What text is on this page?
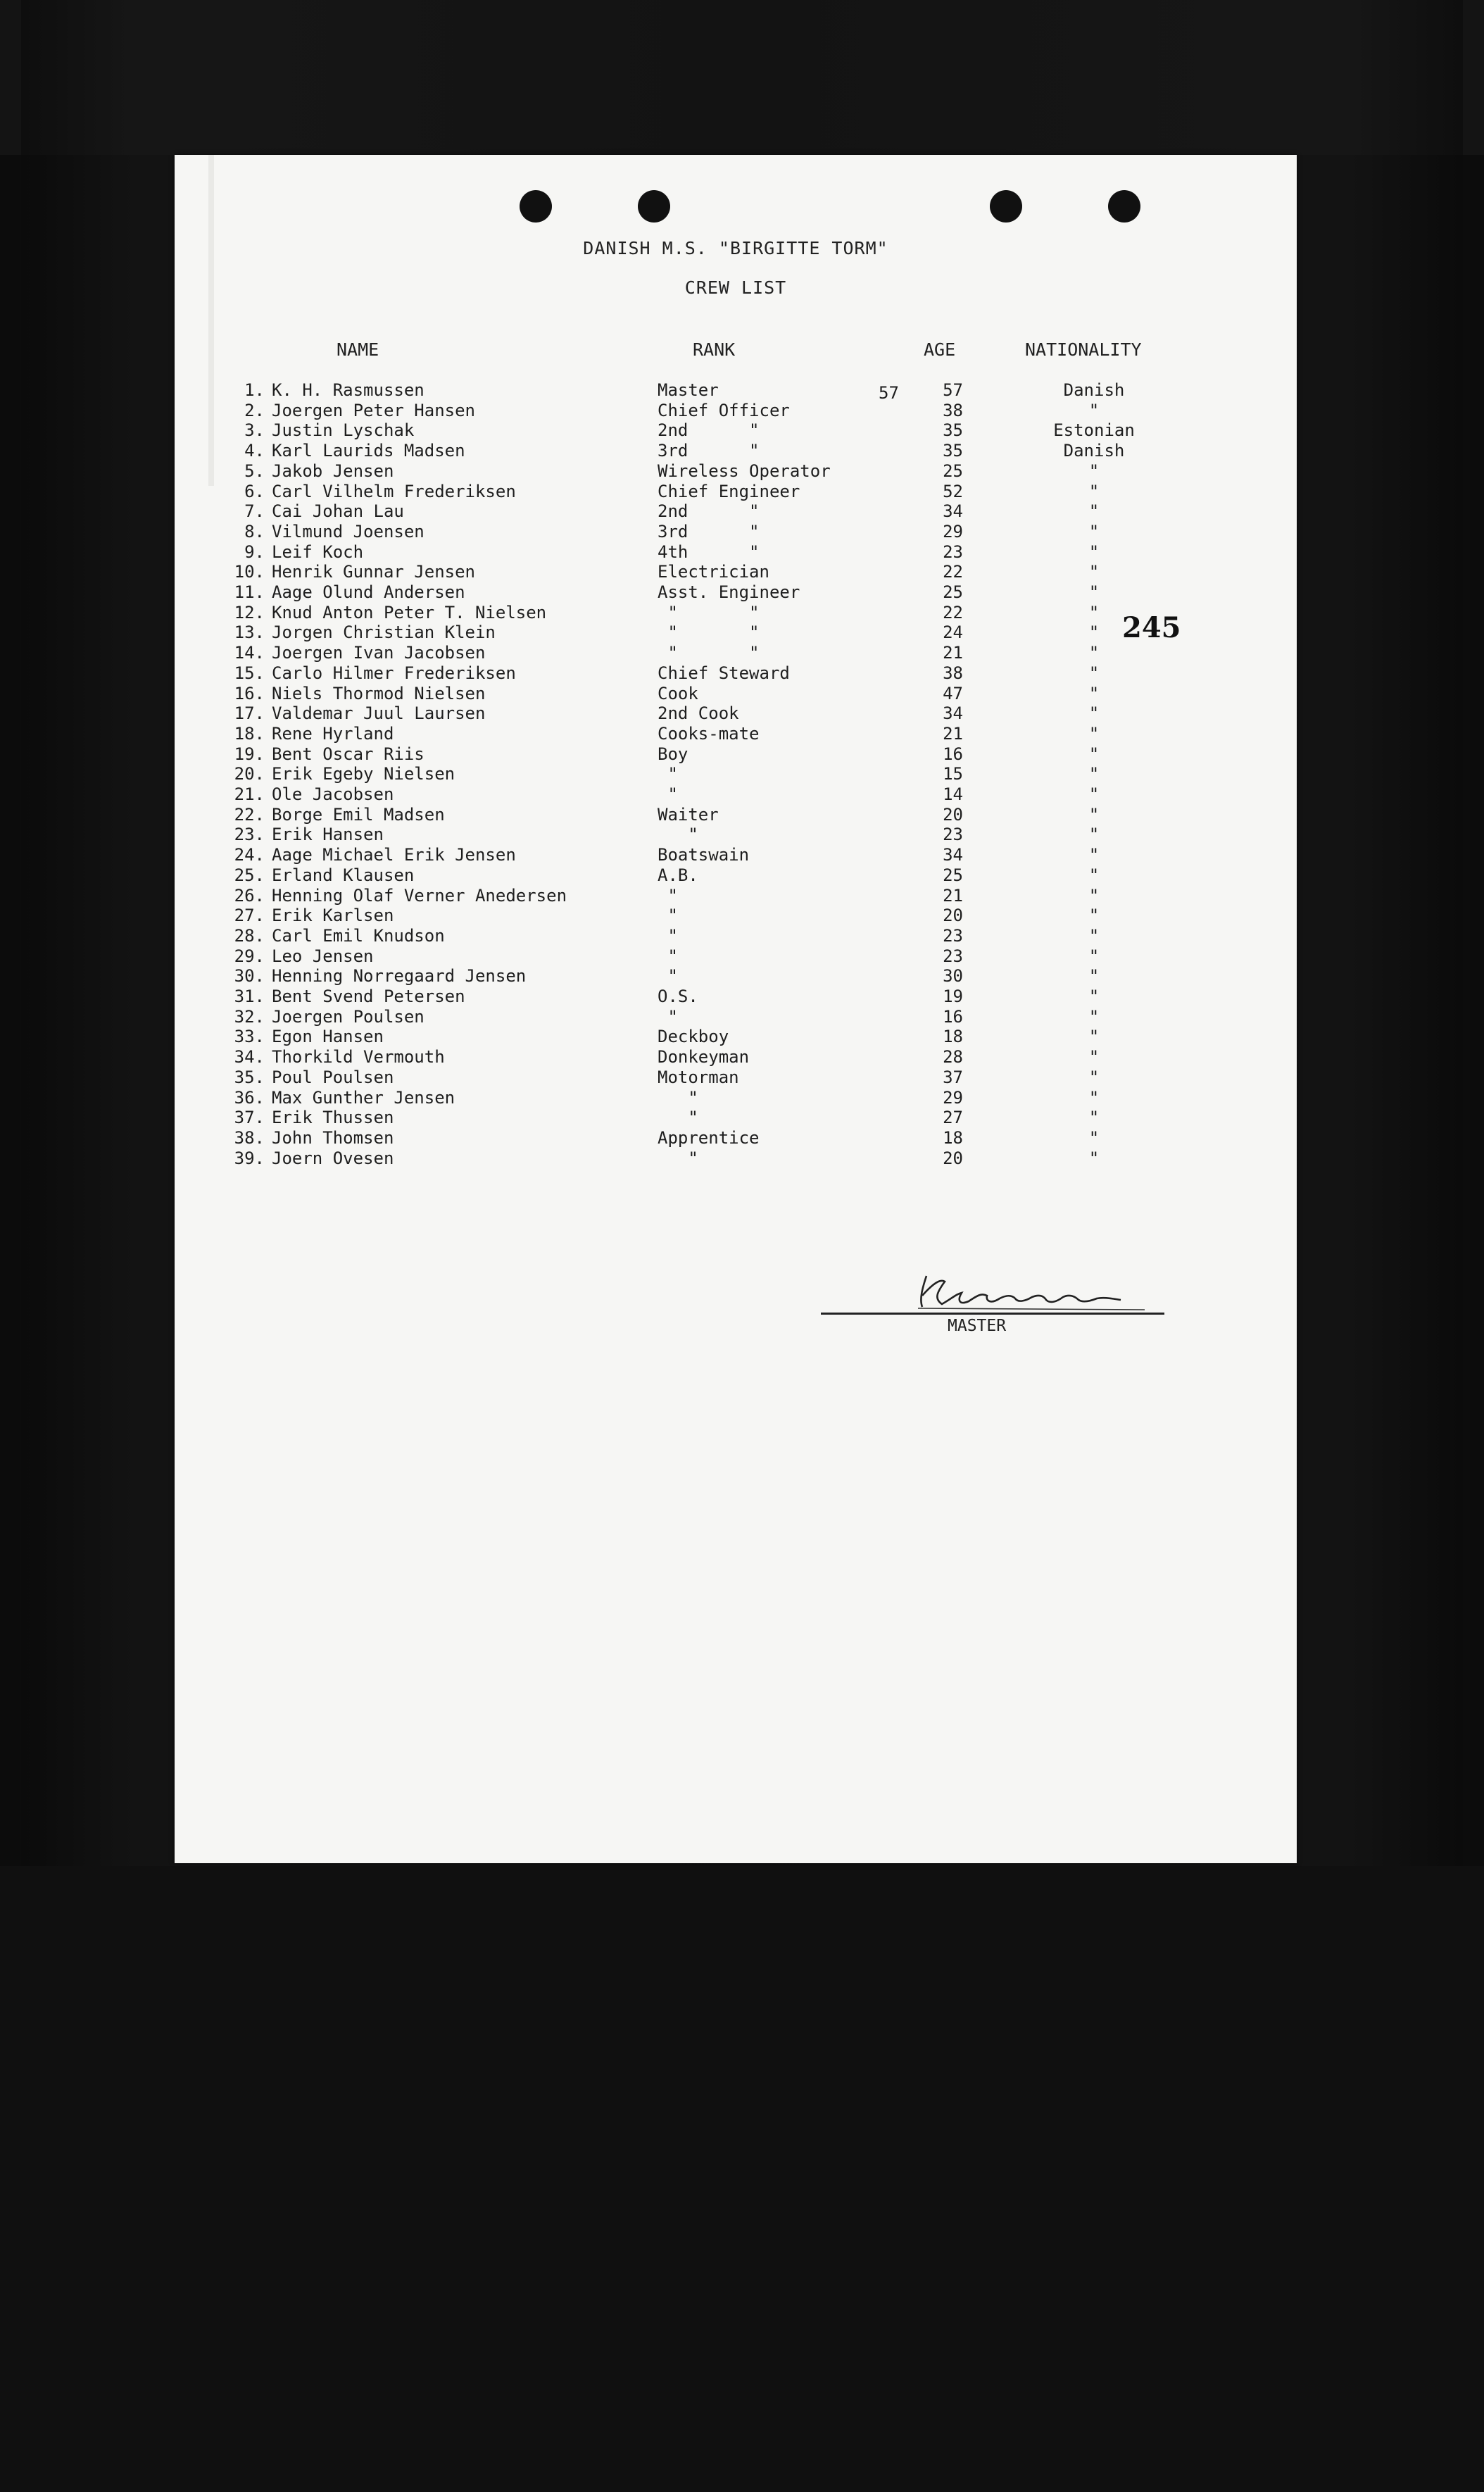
DANISH M.S. "BIRGITTE TORM"
CREW LIST
NAME	RANK	AGE	NATIONALITY
57
1. K. H. Rasmussen	Master	57	Danish
2. Joergen Peter Hansen	Chief Officer	38	"
3. Justin Lyschak	2nd      "	35	Estonian
4. Karl Laurids Madsen	3rd      "	35	Danish
5. Jakob Jensen	Wireless Operator	25	"
6. Carl Vilhelm Frederiksen	Chief Engineer	52	"
7. Cai Johan Lau	2nd      "	34	"
8. Vilmund Joensen	3rd      "	29	"
9. Leif Koch	4th      "	23	"
10. Henrik Gunnar Jensen	Electrician	22	"
11. Aage Olund Andersen	Asst. Engineer	25	"
12. Knud Anton Peter T. Nielsen	"       "	22	"
13. Jorgen Christian Klein	"       "	24	"
14. Joergen Ivan Jacobsen	"       "	21	"
15. Carlo Hilmer Frederiksen	Chief Steward	38	"
16. Niels Thormod Nielsen	Cook	47	"
17. Valdemar Juul Laursen	2nd Cook	34	"
18. Rene Hyrland	Cooks-mate	21	"
19. Bent Oscar Riis	Boy	16	"
20. Erik Egeby Nielsen	"	15	"
21. Ole Jacobsen	"	14	"
22. Borge Emil Madsen	Waiter	20	"
23. Erik Hansen	"	23	"
24. Aage Michael Erik Jensen	Boatswain	34	"
25. Erland Klausen	A.B.	25	"
26. Henning Olaf Verner Anedersen	"	21	"
27. Erik Karlsen	"	20	"
28. Carl Emil Knudson	"	23	"
29. Leo Jensen	"	23	"
30. Henning Norregaard Jensen	"	30	"
31. Bent Svend Petersen	O.S.	19	"
32. Joergen Poulsen	"	16	"
33. Egon Hansen	Deckboy	18	"
34. Thorkild Vermouth	Donkeyman	28	"
35. Poul Poulsen	Motorman	37	"
36. Max Gunther Jensen	"	29	"
37. Erik Thussen	"	27	"
38. John Thomsen	Apprentice	18	"
39. Joern Ovesen	"	20	"
245
MASTER
